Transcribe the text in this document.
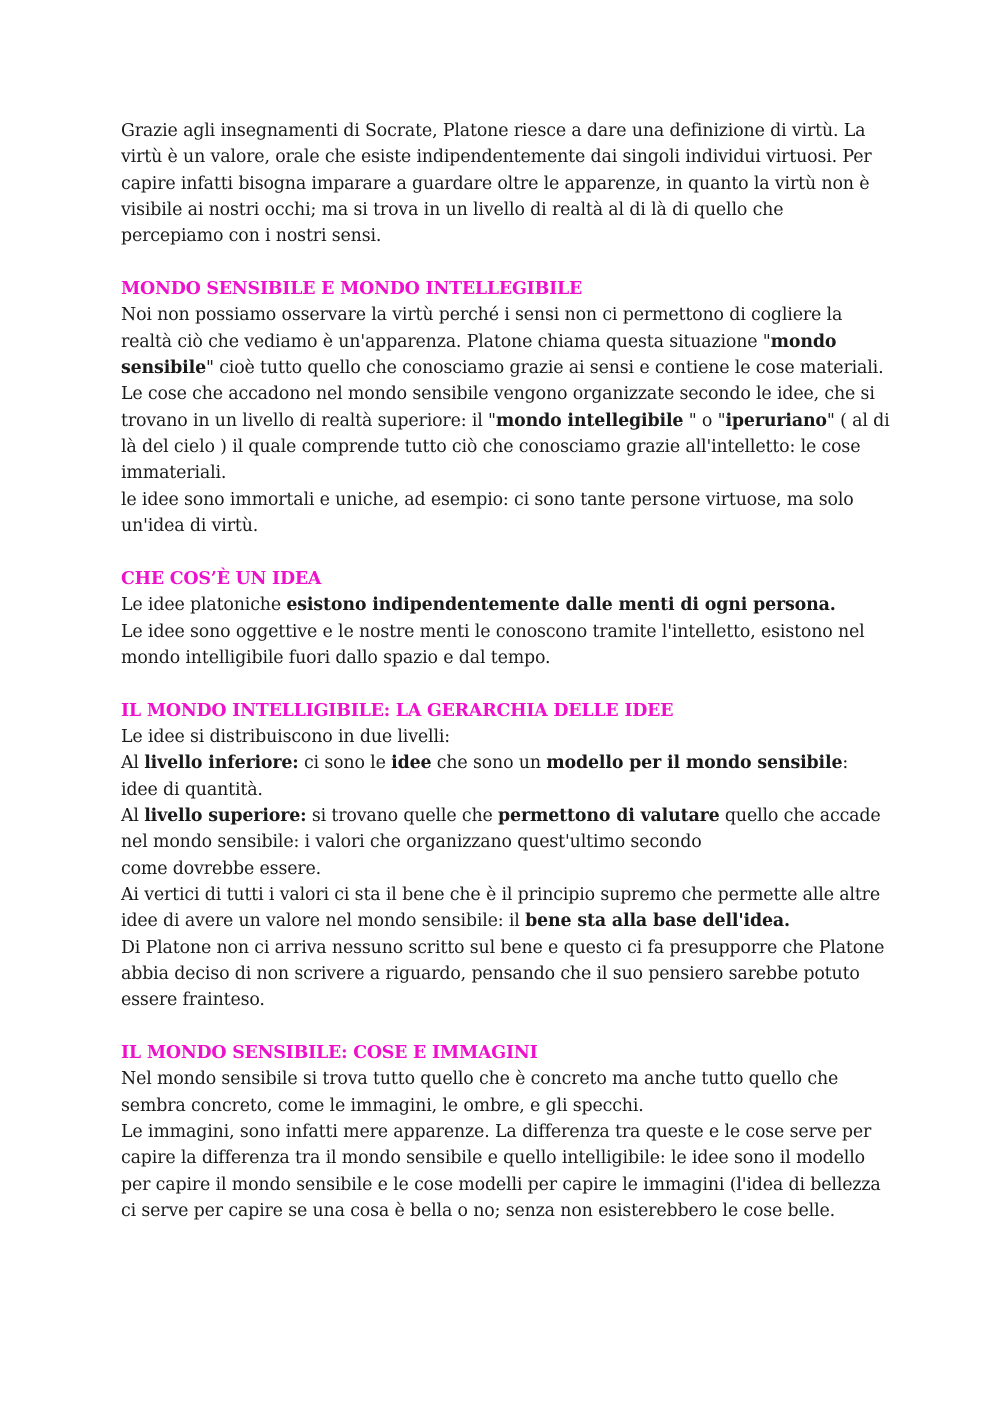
Grazie agli insegnamenti di Socrate, Platone riesce a dare una definizione di virtù. La virtù è un valore, orale che esiste indipendentemente dai singoli individui virtuosi. Per capire infatti bisogna imparare a guardare oltre le apparenze, in quanto la virtù non è visibile ai nostri occhi; ma si trova in un livello di realtà al di là di quello che percepiamo con i nostri sensi.

MONDO SENSIBILE E MONDO INTELLEGIBILE

Noi non possiamo osservare la virtù perché i sensi non ci permettono di cogliere la realtà ciò che vediamo è un'apparenza. Platone chiama questa situazione "mondo sensibile" cioè tutto quello che conosciamo grazie ai sensi e contiene le cose materiali. Le cose che accadono nel mondo sensibile vengono organizzate secondo le idee, che si trovano in un livello di realtà superiore: il "mondo intellegibile " o "iperuriano" ( al di là del cielo ) il quale comprende tutto ciò che conosciamo grazie all'intelletto: le cose immateriali.

le idee sono immortali e uniche, ad esempio: ci sono tante persone virtuose, ma solo un'idea di virtù.

CHE COS’È UN IDEA

Le idee platoniche esistono indipendentemente dalle menti di ogni persona.

Le idee sono oggettive e le nostre menti le conoscono tramite l'intelletto, esistono nel mondo intelligibile fuori dallo spazio e dal tempo.

IL MONDO INTELLIGIBILE: LA GERARCHIA DELLE IDEE

Le idee si distribuiscono in due livelli:

Al livello inferiore: ci sono le idee che sono un modello per il mondo sensibile:

idee di quantità.

Al livello superiore: si trovano quelle che permettono di valutare quello che accade nel mondo sensibile: i valori che organizzano quest'ultimo secondo

come dovrebbe essere.

Ai vertici di tutti i valori ci sta il bene che è il principio supremo che permette alle altre idee di avere un valore nel mondo sensibile: il bene sta alla base dell'idea.

Di Platone non ci arriva nessuno scritto sul bene e questo ci fa presupporre che Platone abbia deciso di non scrivere a riguardo, pensando che il suo pensiero sarebbe potuto essere frainteso.

IL MONDO SENSIBILE: COSE E IMMAGINI

Nel mondo sensibile si trova tutto quello che è concreto ma anche tutto quello che sembra concreto, come le immagini, le ombre, e gli specchi.

Le immagini, sono infatti mere apparenze. La differenza tra queste e le cose serve per capire la differenza tra il mondo sensibile e quello intelligibile: le idee sono il modello per capire il mondo sensibile e le cose modelli per capire le immagini (l'idea di bellezza ci serve per capire se una cosa è bella o no; senza non esisterebbero le cose belle.
